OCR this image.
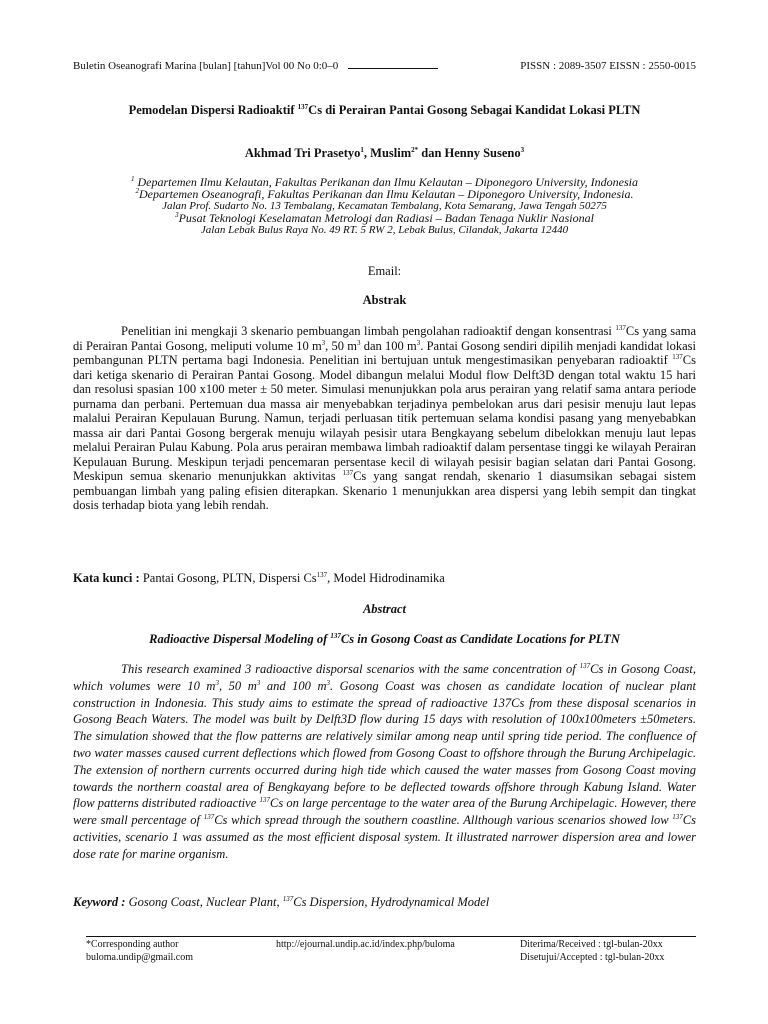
Buletin Oseanografi Marina [bulan] [tahun]Vol 00 No 0:0–0	PISSN : 2089-3507 EISSN : 2550-0015
Pemodelan Dispersi Radioaktif $^{137}$Cs di Perairan Pantai Gosong Sebagai Kandidat Lokasi PLTN
Akhmad Tri Prasetyo$^1$, Muslim$^{2*}$ dan Henny Suseno$^3$
$^1$ Departemen Ilmu Kelautan, Fakultas Perikanan dan Ilmu Kelautan – Diponegoro University, Indonesia
$^2$Departemen Oseanografi, Fakultas Perikanan dan Ilmu Kelautan – Diponegoro University, Indonesia.
Jalan Prof. Sudarto No. 13 Tembalang, Kecamatan Tembalang, Kota Semarang, Jawa Tengah 50275
$^3$Pusat Teknologi Keselamatan Metrologi dan Radiasi – Badan Tenaga Nuklir Nasional
Jalan Lebak Bulus Raya No. 49 RT. 5 RW 2, Lebak Bulus, Cilandak, Jakarta 12440
Email:
Abstrak
Penelitian ini mengkaji 3 skenario pembuangan limbah pengolahan radioaktif dengan konsentrasi $^{137}$Cs yang sama di Perairan Pantai Gosong, meliputi volume 10 $m^3$, 50 $m^3$ dan 100 $m^3$. Pantai Gosong sendiri dipilih menjadi kandidat lokasi pembangunan PLTN pertama bagi Indonesia. Penelitian ini bertujuan untuk mengestimasikan penyebaran radioaktif $^{137}$Cs dari ketiga skenario di Perairan Pantai Gosong. Model dibangun melalui Modul flow Delft3D dengan total waktu 15 hari dan resolusi spasian 100 x100 meter ± 50 meter. Simulasi menunjukkan pola arus perairan yang relatif sama antara periode purnama dan perbani. Pertemuan dua massa air menyebabkan terjadinya pembelokan arus dari pesisir menuju laut lepas malalui Perairan Kepulauan Burung. Namun, terjadi perluasan titik pertemuan selama kondisi pasang yang menyebabkan massa air dari Pantai Gosong bergerak menuju wilayah pesisir utara Bengkayang sebelum dibelokkan menuju laut lepas melalui Perairan Pulau Kabung. Pola arus perairan membawa limbah radioaktif dalam persentase tinggi ke wilayah Perairan Kepulauan Burung. Meskipun terjadi pencemaran persentase kecil di wilayah pesisir bagian selatan dari Pantai Gosong. Meskipun semua skenario menunjukkan aktivitas $^{137}$Cs yang sangat rendah, skenario 1 diasumsikan sebagai sistem pembuangan limbah yang paling efisien diterapkan. Skenario 1 menunjukkan area dispersi yang lebih sempit dan tingkat dosis terhadap biota yang lebih rendah.
Kata kunci : Pantai Gosong, PLTN, Dispersi Cs$^{137}$, Model Hidrodinamika
Abstract
Radioactive Dispersal Modeling of $^{137}$Cs in Gosong Coast as Candidate Locations for PLTN
This research examined 3 radioactive disporsal scenarios with the same concentration of $^{137}$Cs in Gosong Coast, which volumes were 10 $m^3$, 50 $m^3$ and 100 $m^3$. Gosong Coast was chosen as candidate location of nuclear plant construction in Indonesia. This study aims to estimate the spread of radioactive 137Cs from these disposal scenarios in Gosong Beach Waters. The model was built by Delft3D flow during 15 days with resolution of 100x100meters ±50meters. The simulation showed that the flow patterns are relatively similar among neap until spring tide period. The confluence of two water masses caused current deflections which flowed from Gosong Coast to offshore through the Burung Archipelagic. The extension of northern currents occurred during high tide which caused the water masses from Gosong Coast moving towards the northern coastal area of Bengkayang before to be deflected towards offshore through Kabung Island. Water flow patterns distributed radioactive $^{137}$Cs on large percentage to the water area of the Burung Archipelagic. However, there were small percentage of $^{137}$Cs which spread through the southern coastline. Allthough various scenarios showed low $^{137}$Cs activities, scenario 1 was assumed as the most efficient disposal system. It illustrated narrower dispersion area and lower dose rate for marine organism.
Keyword : Gosong Coast, Nuclear Plant, $^{137}$Cs Dispersion, Hydrodynamical Model
*Corresponding author
buloma.undip@gmail.com
http://ejournal.undip.ac.id/index.php/buloma	Diterima/Received : tgl-bulan-20xx
Disetujui/Accepted : tgl-bulan-20xx
